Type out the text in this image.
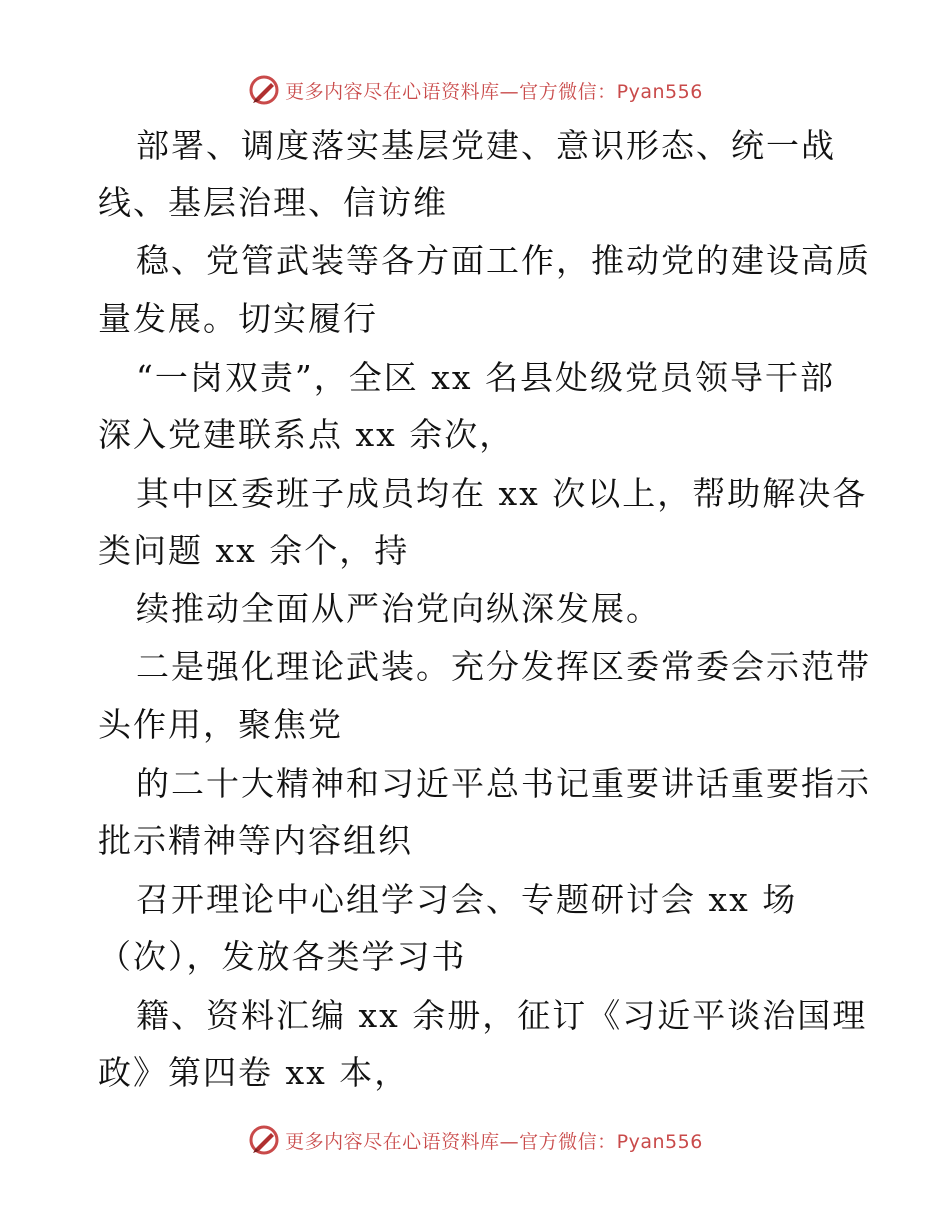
更多内容尽在心语资料库—官方微信：Pyan556
部署、调度落实基层党建、意识形态、统一战
线、基层治理、信访维
稳、党管武装等各方面工作，推动党的建设高质
量发展。切实履行
“一岗双责”，全区 xx 名县处级党员领导干部
深入党建联系点 xx 余次，
其中区委班子成员均在 xx 次以上，帮助解决各
类问题 xx 余个，持
续推动全面从严治党向纵深发展。
二是强化理论武装。充分发挥区委常委会示范带
头作用，聚焦党
的二十大精神和习近平总书记重要讲话重要指示
批示精神等内容组织
召开理论中心组学习会、专题研讨会 xx 场
（次），发放各类学习书
籍、资料汇编 xx 余册，征订《习近平谈治国理
政》第四卷 xx 本，
更多内容尽在心语资料库—官方微信：Pyan556
